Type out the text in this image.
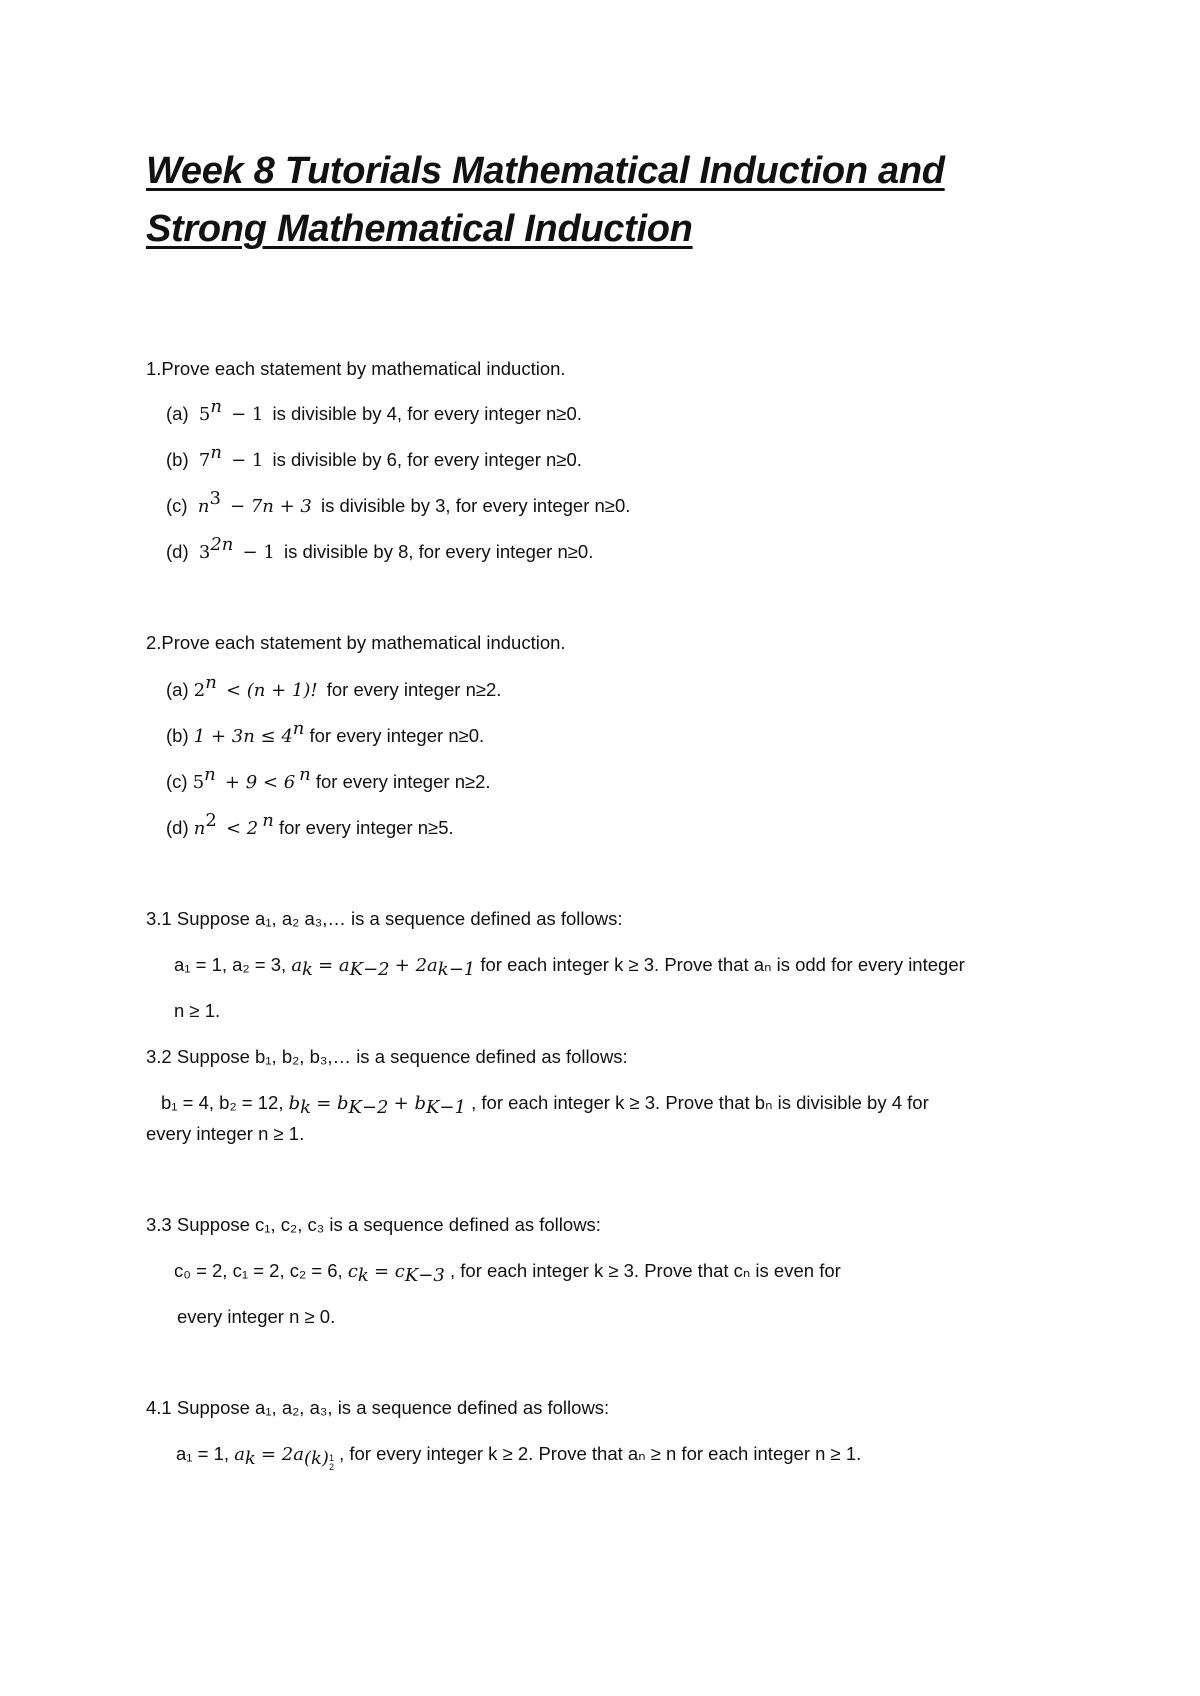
Week 8 Tutorials Mathematical Induction and
Strong Mathematical Induction
1.Prove each statement by mathematical induction.
(a) $5^n - 1$ is divisible by 4, for every integer n≥0.
(b) $7^n - 1$ is divisible by 6, for every integer n≥0.
(c) $n^3 - 7n + 3$ is divisible by 3, for every integer n≥0.
(d) $3^{2n} - 1$ is divisible by 8, for every integer n≥0.
2.Prove each statement by mathematical induction.
(a) $2^n < (n + 1)$! for every integer n≥2.
(b) $1 + 3n \le 4^n$ for every integer n≥0.
(c) $5^n + 9 < 6$ $^n$ for every integer n≥2.
(d) $n^2 < 2$ $^n$ for every integer n≥5.
3.1 Suppose a₁, a₂ a₃,… is a sequence defined as follows:
a₁ = 1, a₂ = 3, $a_k = a_{K-2} + 2a_{k-1}$ for each integer k ≥ 3. Prove that aₙ is odd for every integer
n ≥ 1.
3.2 Suppose b₁, b₂, b₃,… is a sequence defined as follows:
b₁ = 4, b₂ = 12, $b_k = b_{K-2} + b_{K-1}$ , for each integer k ≥ 3. Prove that bₙ is divisible by 4 for
every integer n ≥ 1.
3.3 Suppose c₁, c₂, c₃ is a sequence defined as follows:
c₀ = 2, c₁ = 2, c₂ = 6, $c_k = c_{K-3}$ , for each integer k ≥ 3. Prove that cₙ is even for
every integer n ≥ 0.
4.1 Suppose a₁, a₂, a₃, is a sequence defined as follows:
a₁ = 1, $a_k = 2a_{(k)}$ 1
2
, for every integer k ≥ 2. Prove that aₙ ≥ n for each integer n ≥ 1.
